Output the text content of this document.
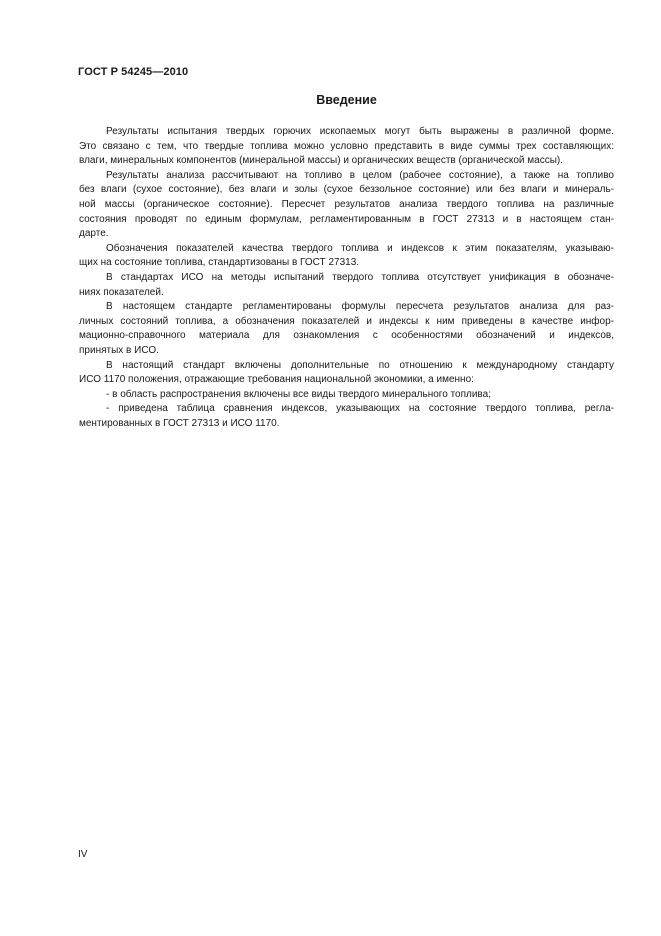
ГОСТ Р 54245—2010
Введение
Результаты испытания твердых горючих ископаемых могут быть выражены в различной форме.
Это связано с тем, что твердые топлива можно условно представить в виде суммы трех составляющих:
влаги, минеральных компонентов (минеральной массы) и органических веществ (органической массы).
Результаты анализа рассчитывают на топливо в целом (рабочее состояние), а также на топливо
без влаги (сухое состояние), без влаги и золы (сухое беззольное состояние) или без влаги и минераль-
ной массы (органическое состояние). Пересчет результатов анализа твердого топлива на различные
состояния проводят по единым формулам, регламентированным в ГОСТ 27313 и в настоящем стан-
дарте.
Обозначения показателей качества твердого топлива и индексов к этим показателям, указываю-
щих на состояние топлива, стандартизованы в ГОСТ 27313.
В стандартах ИСО на методы испытаний твердого топлива отсутствует унификация в обозначе-
ниях показателей.
В настоящем стандарте регламентированы формулы пересчета результатов анализа для раз-
личных состояний топлива, а обозначения показателей и индексы к ним приведены в качестве инфор-
мационно-справочного материала для ознакомления с особенностями обозначений и индексов,
принятых в ИСО.
В настоящий стандарт включены дополнительные по отношению к международному стандарту
ИСО 1170 положения, отражающие требования национальной экономики, а именно:
- в область распространения включены все виды твердого минерального топлива;
- приведена таблица сравнения индексов, указывающих на состояние твердого топлива, регла-
ментированных в ГОСТ 27313 и ИСО 1170.
IV
